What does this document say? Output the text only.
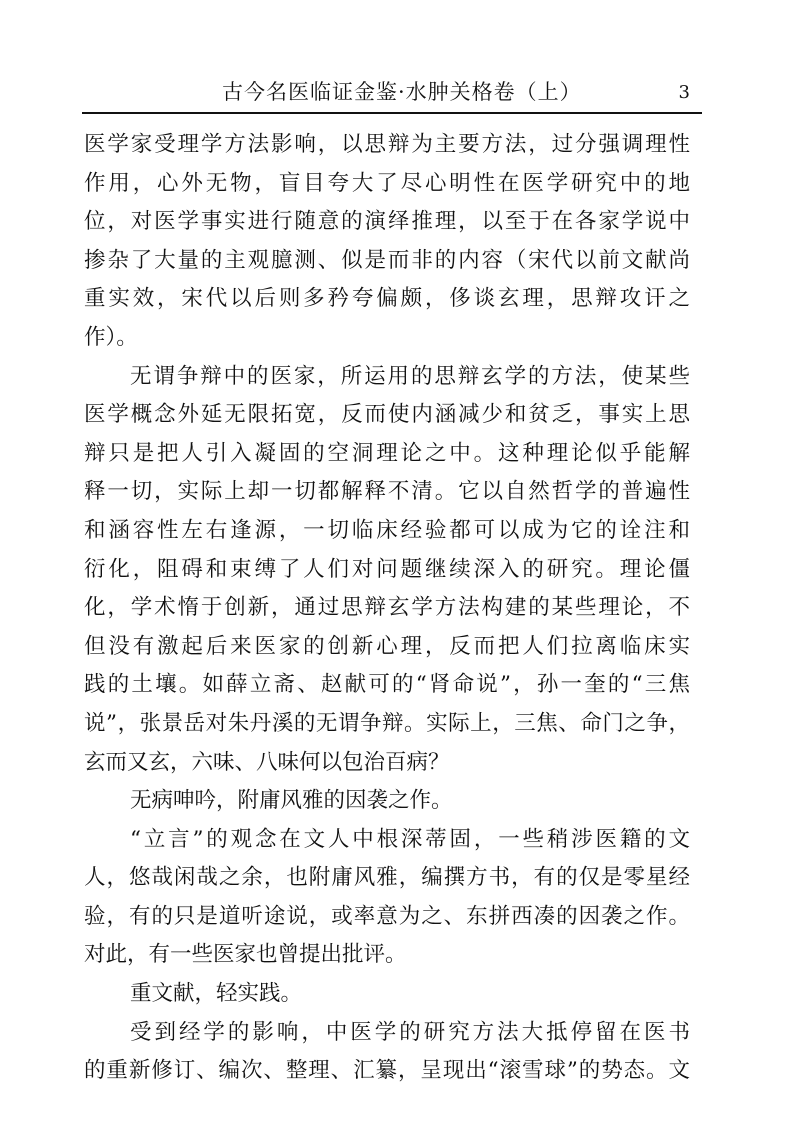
古今名医临证金鉴·水肿关格卷（上）	3
医学家受理学方法影响，以思辩为主要方法，过分强调理性
作用，心外无物，盲目夸大了尽心明性在医学研究中的地
位，对医学事实进行随意的演绎推理，以至于在各家学说中
掺杂了大量的主观臆测、似是而非的内容（宋代以前文献尚
重实效，宋代以后则多矜夸偏颇，侈谈玄理，思辩攻讦之
作）。
无谓争辩中的医家，所运用的思辩玄学的方法，使某些
医学概念外延无限拓宽，反而使内涵减少和贫乏，事实上思
辩只是把人引入凝固的空洞理论之中。这种理论似乎能解
释一切，实际上却一切都解释不清。它以自然哲学的普遍性
和涵容性左右逢源，一切临床经验都可以成为它的诠注和
衍化，阻碍和束缚了人们对问题继续深入的研究。理论僵
化，学术惰于创新，通过思辩玄学方法构建的某些理论，不
但没有激起后来医家的创新心理，反而把人们拉离临床实
践的土壤。如薛立斋、赵献可的“肾命说”，孙一奎的“三焦
说”，张景岳对朱丹溪的无谓争辩。实际上，三焦、命门之争，
玄而又玄，六味、八味何以包治百病？
无病呻吟，附庸风雅的因袭之作。
“立言”的观念在文人中根深蒂固，一些稍涉医籍的文
人，悠哉闲哉之余，也附庸风雅，编撰方书，有的仅是零星经
验，有的只是道听途说，或率意为之、东拼西凑的因袭之作。
对此，有一些医家也曾提出批评。
重文献，轻实践。
受到经学的影响，中医学的研究方法大抵停留在医书
的重新修订、编次、整理、汇纂，呈现出“滚雪球”的势态。文
